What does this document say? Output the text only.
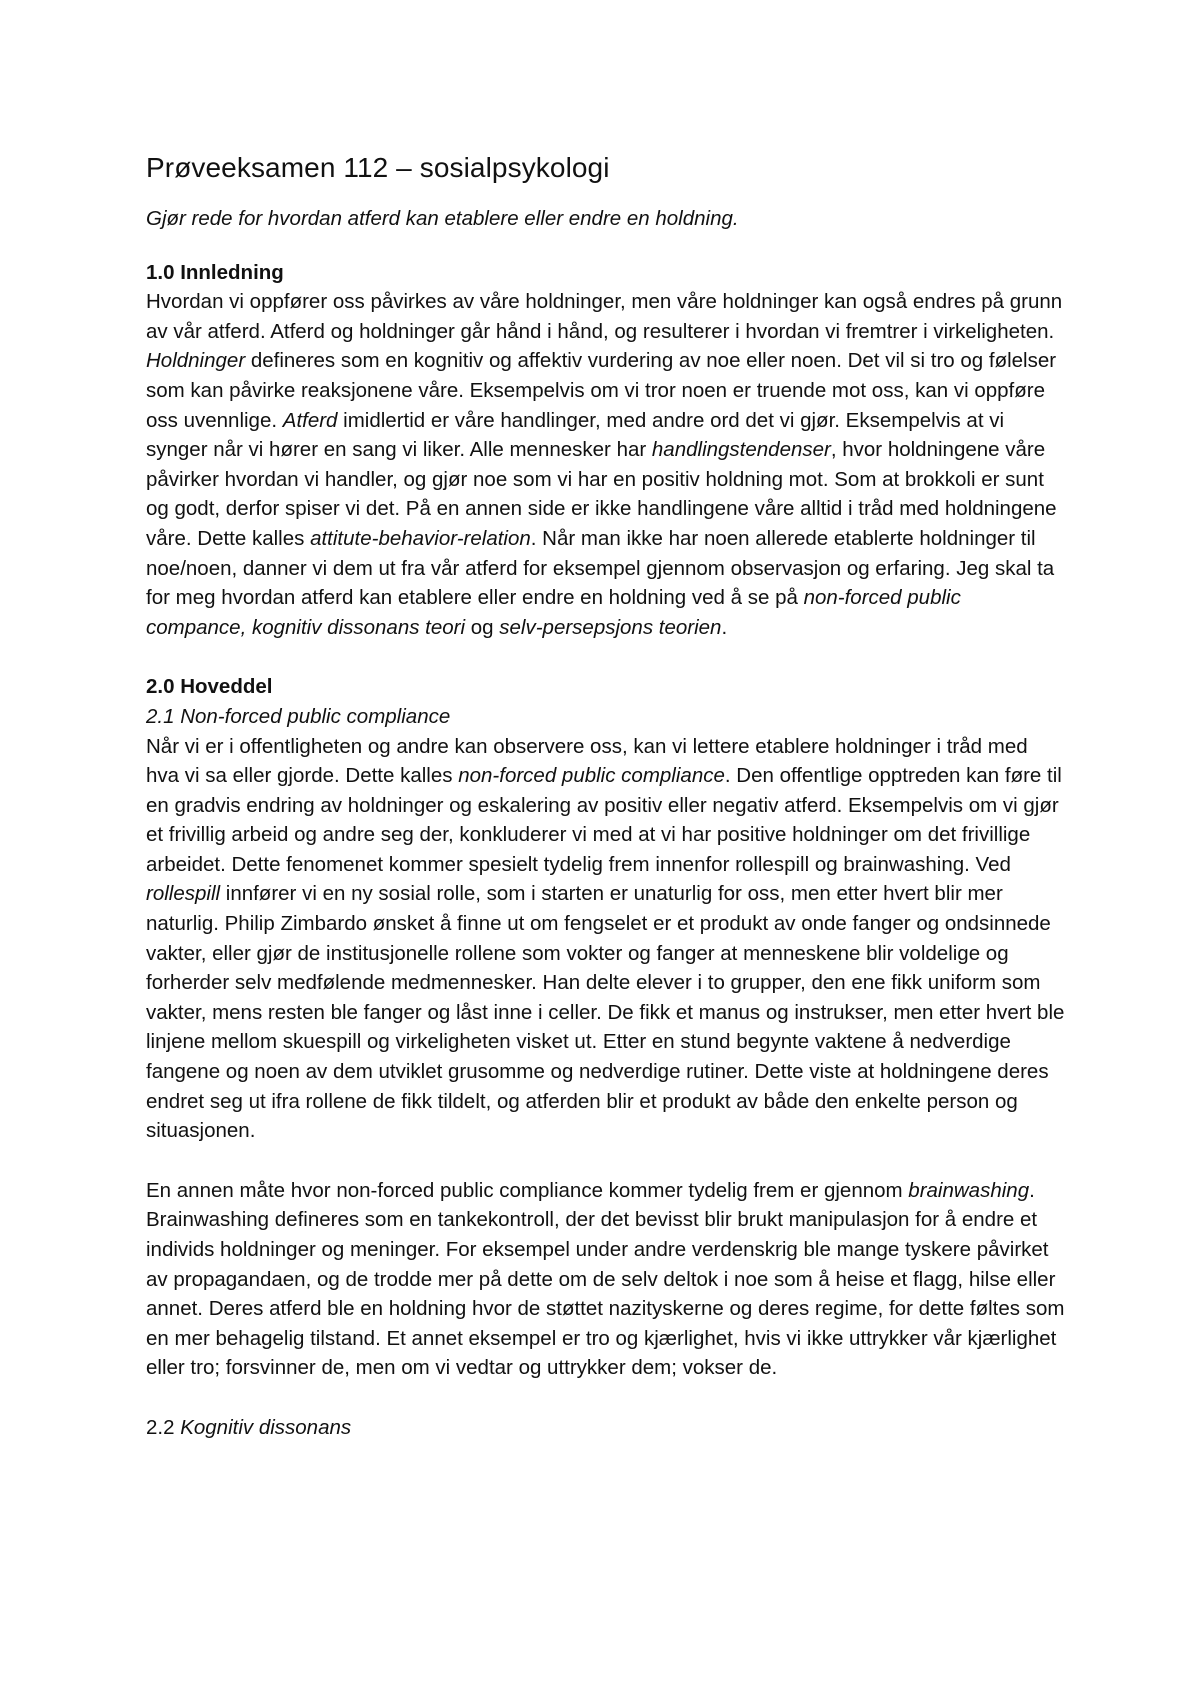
Prøveeksamen 112 – sosialpsykologi
Gjør rede for hvordan atferd kan etablere eller endre en holdning.
1.0 Innledning

Hvordan vi oppfører oss påvirkes av våre holdninger, men våre holdninger kan også endres på grunn av vår atferd. Atferd og holdninger går hånd i hånd, og resulterer i hvordan vi fremtrer i virkeligheten. Holdninger defineres som en kognitiv og affektiv vurdering av noe eller noen. Det vil si tro og følelser som kan påvirke reaksjonene våre. Eksempelvis om vi tror noen er truende mot oss, kan vi oppføre oss uvennlige. Atferd imidlertid er våre handlinger, med andre ord det vi gjør. Eksempelvis at vi synger når vi hører en sang vi liker. Alle mennesker har handlingstendenser, hvor holdningene våre påvirker hvordan vi handler, og gjør noe som vi har en positiv holdning mot. Som at brokkoli er sunt og godt, derfor spiser vi det. På en annen side er ikke handlingene våre alltid i tråd med holdningene våre. Dette kalles attitute-behavior-relation. Når man ikke har noen allerede etablerte holdninger til noe/noen, danner vi dem ut fra vår atferd for eksempel gjennom observasjon og erfaring. Jeg skal ta for meg hvordan atferd kan etablere eller endre en holdning ved å se på non-forced public compance, kognitiv dissonans teori og selv-persepsjons teorien.

2.0 Hoveddel
2.1 Non-forced public compliance

Når vi er i offentligheten og andre kan observere oss, kan vi lettere etablere holdninger i tråd med hva vi sa eller gjorde. Dette kalles non-forced public compliance. Den offentlige opptreden kan føre til en gradvis endring av holdninger og eskalering av positiv eller negativ atferd. Eksempelvis om vi gjør et frivillig arbeid og andre seg der, konkluderer vi med at vi har positive holdninger om det frivillige arbeidet. Dette fenomenet kommer spesielt tydelig frem innenfor rollespill og brainwashing. Ved rollespill innfører vi en ny sosial rolle, som i starten er unaturlig for oss, men etter hvert blir mer naturlig. Philip Zimbardo ønsket å finne ut om fengselet er et produkt av onde fanger og ondsinnede vakter, eller gjør de institusjonelle rollene som vokter og fanger at menneskene blir voldelige og forherder selv medfølende medmennesker. Han delte elever i to grupper, den ene fikk uniform som vakter, mens resten ble fanger og låst inne i celler. De fikk et manus og instrukser, men etter hvert ble linjene mellom skuespill og virkeligheten visket ut. Etter en stund begynte vaktene å nedverdige fangene og noen av dem utviklet grusomme og nedverdige rutiner. Dette viste at holdningene deres endret seg ut ifra rollene de fikk tildelt, og atferden blir et produkt av både den enkelte person og situasjonen.

En annen måte hvor non-forced public compliance kommer tydelig frem er gjennom brainwashing. Brainwashing defineres som en tankekontroll, der det bevisst blir brukt manipulasjon for å endre et individs holdninger og meninger. For eksempel under andre verdenskrig ble mange tyskere påvirket av propagandaen, og de trodde mer på dette om de selv deltok i noe som å heise et flagg, hilse eller annet. Deres atferd ble en holdning hvor de støttet nazityskerne og deres regime, for dette føltes som en mer behagelig tilstand. Et annet eksempel er tro og kjærlighet, hvis vi ikke uttrykker vår kjærlighet eller tro; forsvinner de, men om vi vedtar og uttrykker dem; vokser de.

2.2 Kognitiv dissonans
